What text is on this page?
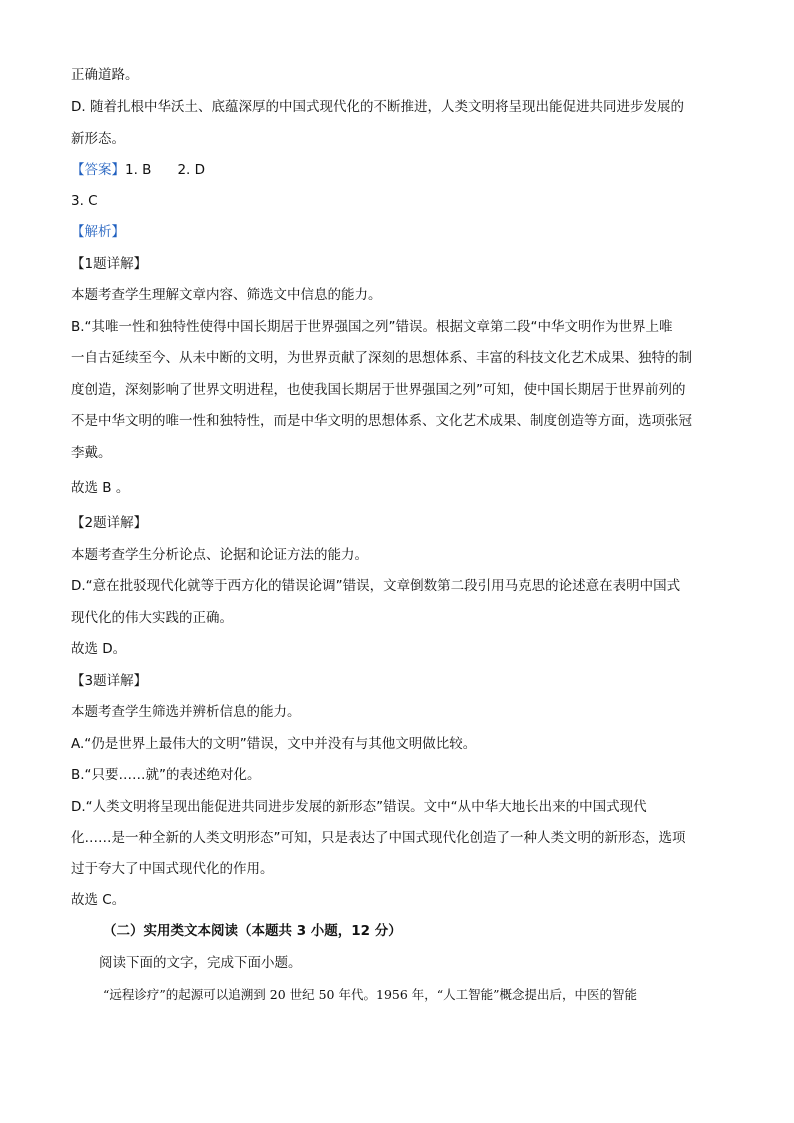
正确道路。
D. 随着扎根中华沃土、底蕴深厚的中国式现代化的不断推进，人类文明将呈现出能促进共同进步发展的
新形态。
【答案】1. B 2. D
3. C
【解析】
【1题详解】
本题考查学生理解文章内容、筛选文中信息的能力。
B.“其唯一性和独特性使得中国长期居于世界强国之列”错误。根据文章第二段“中华文明作为世界上唯
一自古延续至今、从未中断的文明，为世界贡献了深刻的思想体系、丰富的科技文化艺术成果、独特的制
度创造，深刻影响了世界文明进程，也使我国长期居于世界强国之列”可知，使中国长期居于世界前列的
不是中华文明的唯一性和独特性，而是中华文明的思想体系、文化艺术成果、制度创造等方面，选项张冠
李戴。
故选 B 。
【2题详解】
本题考查学生分析论点、论据和论证方法的能力。
D.“意在批驳现代化就等于西方化的错误论调”错误，文章倒数第二段引用马克思的论述意在表明中国式
现代化的伟大实践的正确。
故选 D。
【3题详解】
本题考查学生筛选并辨析信息的能力。
A.“仍是世界上最伟大的文明”错误，文中并没有与其他文明做比较。
B.“只要……就”的表述绝对化。
D.“人类文明将呈现出能促进共同进步发展的新形态”错误。文中“从中华大地长出来的中国式现代
化……是一种全新的人类文明形态”可知，只是表达了中国式现代化创造了一种人类文明的新形态，选项
过于夸大了中国式现代化的作用。
故选 C。
（二）实用类文本阅读（本题共 3 小题，12 分）
阅读下面的文字，完成下面小题。
“远程诊疗”的起源可以追溯到 20 世纪 50 年代。1956 年，“人工智能”概念提出后，中医的智能
